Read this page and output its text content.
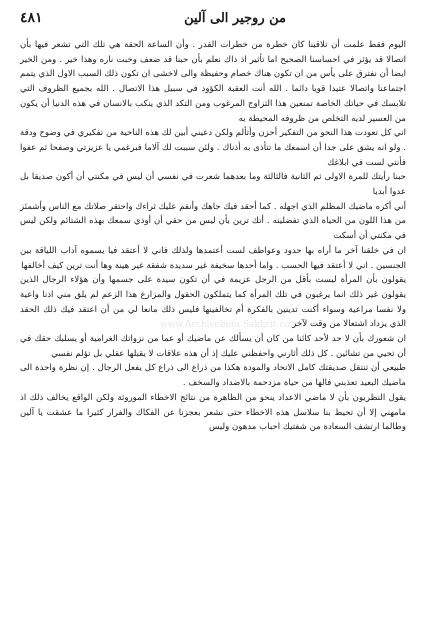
من روجير الى آلين
٤٨١

اليوم فقط علمت أن تلاقينا كان خطرة من خطرات القدر . وأن الساعة الحقة هي تلك التي تشعر فيها بأن اتصالا قد يؤثر في احساسنا الصحيح اما تأثير اذ ذاك نعلم بأن حبنا قد ضعف وخبت ناره وهذا خير . ومن الخير ايضا أن نفترق على يأس من ان تكون هناك خصام وحفيظة والى لاخشى ان تكون ذلك السبب الاول الذي يتمم اجتماعنا واتصالا عتيدا قويا دائما . الله أنت العقبة الكؤود في سبيل هذا الاتصال . الله بجميع الظروف التي تلابسك في حياتك الخاصة تمنعين هذا التزاوج المرغوب ومن التكد الذي ينكب بالانسان في هذه الدنيا أن يكون من العسير لديه التخلص من ظروفه المحيطة به

اني كل تعودت هذا النحو من التفكير أحزن وأتألم ولكن دعيني أبين لك هذه الناحية من تفكيري في وضوح ودقة . ولو انه يشق على جدا أن اسمعك ما تتأذى به أذناك . ولئن سببت لك آلاما فبرغمي يا عزيزتي وصفحا ثم عفوا فأنتي لست في ابلاغك

حبنا رأيتك للمرة الاولى ثم الثانية فالثالثة وما بعدهما شعرت في نفسي أن ليس في مكنتي أن أكون صديقا بل عدوا أبديا

أني أكره ماضيك المظلم الذي اجهله . كما أحقد فيك جاهك وأنقم عليك ثراءك واحتقر صلاتك مع الناس وأشمئز من هذا اللون من الحياة الذي تفضلينه . أتك ترين بأن ليس من حقي أن أوذي سمعك بهذه الشتائم ولكن ليس في مكنتي أن أسكت

ان في خلقنا آخر ما أراه بها حدود وعواطف لست أعتمدها ولذلك فاني لا أعتقد فيا يسموه آداب اللياقة بين الجنسين . اني لا أعتقد فيها الحسب . واما أحدها سخيفة غير سديدة شفقة غير هينة وها أنت ترين كيف أخالفها

يقولون بأن المرأة ليست بأقل من الرجل عزيمة في أن تكون سيدة على جسمها وأن هؤلاء الرجال الذين يقولون غير ذلك انما يرغبون في تلك المرأة كما يتملكون الحقول والمزارع هذا الزعم لم يلق مني اذنا واعية ولا نفسا مراعية وسواء أكنت تدينين بالفكرة أم تخالفينها فليس ذلك مانعا لي من أن اعتقد فيك ذلك الحقد الذي يزداد اشتعالا من وقت لآخر

ان شعورك بأن لا حد لأحد كائنا من كان أن يسألك عن ماضيك أو عما من نزواتك الغرامية أو يسلبك حقك في أن تحيي من تشائين . كل ذلك أثارني واحفظني عليك إذ أن هذه علاقات لا يقبلها عقلي بل تؤلم نفسي

طبيعي أن تنتقل صديقتك كامل الاتحاد والمودة هكذا من ذراع الى ذراع كل يفعل الرجال . إن نظرة واحدة الى ماضيك البعيد تعذبني فالها من حياة مزدحمة بالاضداد والسخف .

يقول النظريون بأن لا ماضي الاعداد ينحو من الظاهرة من نتائج الاخطاء الموروثة ولكن الواقع يخالف ذلك اذ مامهني إلا أن تحيط بنا سلاسل هذه الاخطاء حتى نشعر بعجزنا عن الفكاك والفرار كثيرا ما عشقت يا آلين وطالما ارتشف السعادة من شفتيك احباب مدهون وليس

www.Archivebeta.Sakhrit.com
